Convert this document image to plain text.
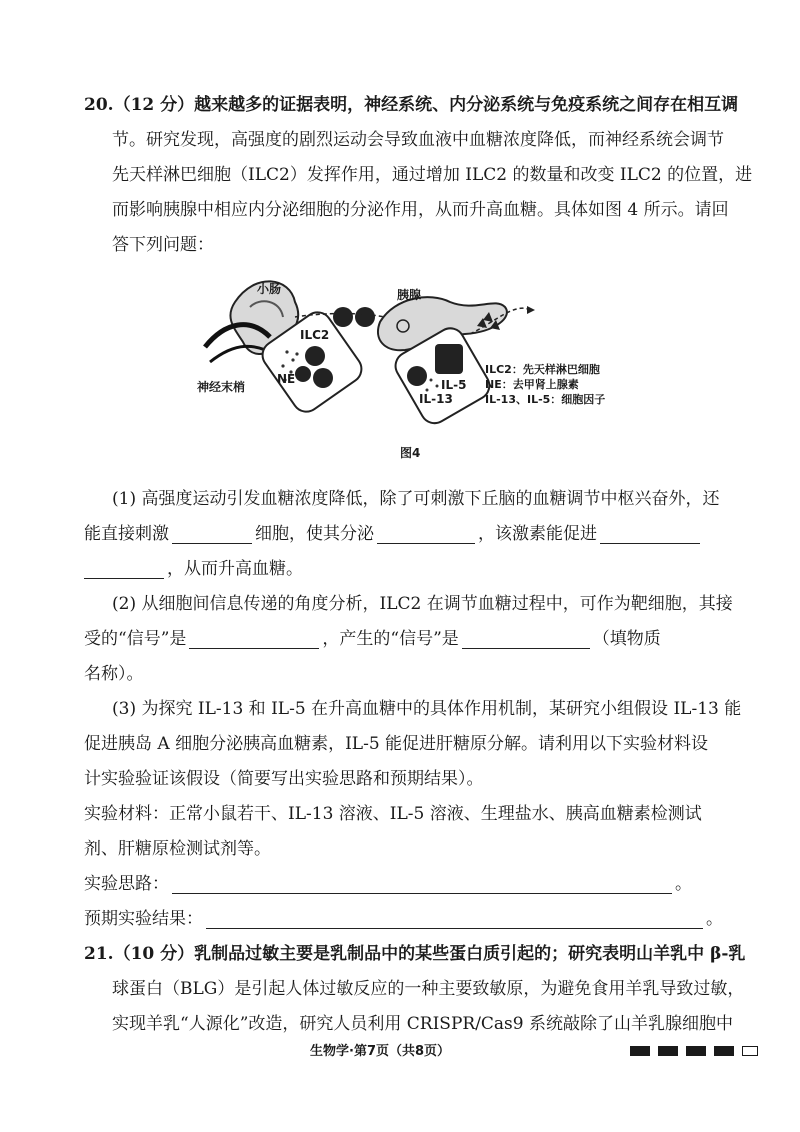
20.（12 分）越来越多的证据表明，神经系统、内分泌系统与免疫系统之间存在相互调
节。研究发现，高强度的剧烈运动会导致血液中血糖浓度降低，而神经系统会调节
先天样淋巴细胞（ILC2）发挥作用，通过增加 ILC2 的数量和改变 ILC2 的位置，进
而影响胰腺中相应内分泌细胞的分泌作用，从而升高血糖。具体如图 4 所示。请回
答下列问题：
小肠	胰腺
ILC2
神经末梢
NE	IL-5
IL-13
ILC2：先天样淋巴细胞
NE：去甲肾上腺素
IL-13、IL-5：细胞因子
图4
(1) 高强度运动引发血糖浓度降低，除了可刺激下丘脑的血糖调节中枢兴奋外，还
能直接刺激	细胞，使其分泌	，该激素能促进
，从而升高血糖。
(2) 从细胞间信息传递的角度分析，ILC2 在调节血糖过程中，可作为靶细胞，其接
受的“信号”是	，产生的“信号”是	（填物质
名称）。
(3) 为探究 IL-13 和 IL-5 在升高血糖中的具体作用机制，某研究小组假设 IL-13 能
促进胰岛 A 细胞分泌胰高血糖素，IL-5 能促进肝糖原分解。请利用以下实验材料设
计实验验证该假设（简要写出实验思路和预期结果）。
实验材料：正常小鼠若干、IL-13 溶液、IL-5 溶液、生理盐水、胰高血糖素检测试
剂、肝糖原检测试剂等。
实验思路：	。
预期实验结果：	。
21.（10 分）乳制品过敏主要是乳制品中的某些蛋白质引起的；研究表明山羊乳中 β-乳
球蛋白（BLG）是引起人体过敏反应的一种主要致敏原，为避免食用羊乳导致过敏，
实现羊乳“人源化”改造，研究人员利用 CRISPR/Cas9 系统敲除了山羊乳腺细胞中
生物学·第7页（共8页）
